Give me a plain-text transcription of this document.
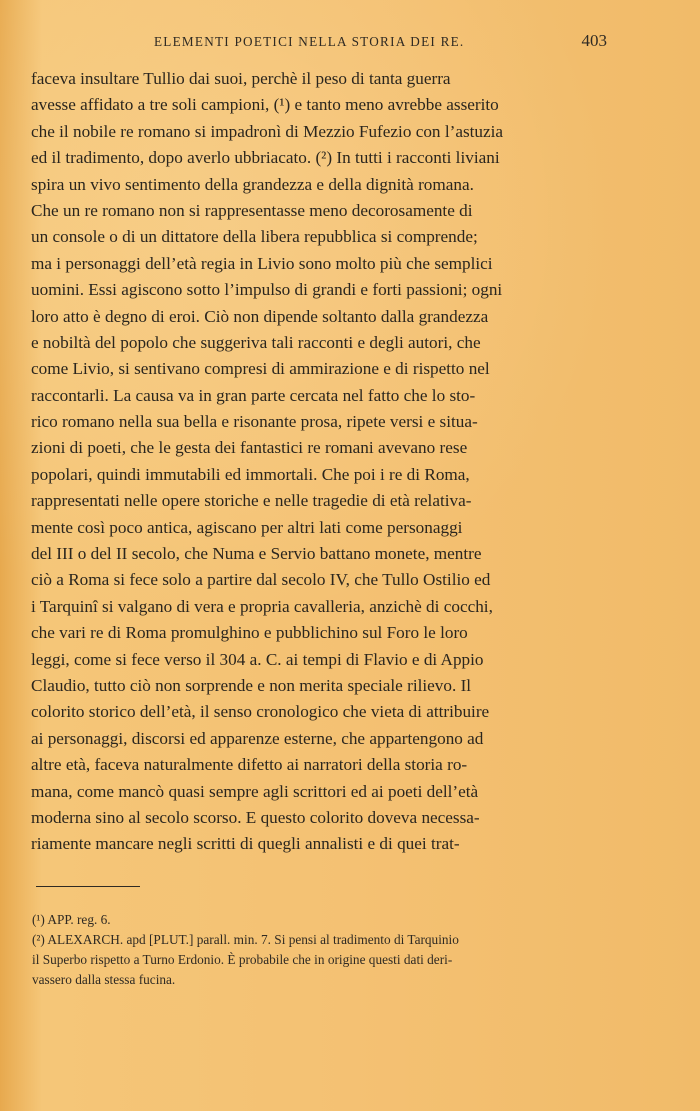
ELEMENTI POETICI NELLA STORIA DEI RE.	403
faceva insultare Tullio dai suoi, perchè il peso di tanta guerra
avesse affidato a tre soli campioni, (¹) e tanto meno avrebbe asserito
che il nobile re romano si impadronì di Mezzio Fufezio con l’astuzia
ed il tradimento, dopo averlo ubbriacato. (²) In tutti i racconti liviani
spira un vivo sentimento della grandezza e della dignità romana.
Che un re romano non si rappresentasse meno decorosamente di
un console o di un dittatore della libera repubblica si comprende;
ma i personaggi dell’età regia in Livio sono molto più che semplici
uomini. Essi agiscono sotto l’impulso di grandi e forti passioni; ogni
loro atto è degno di eroi. Ciò non dipende soltanto dalla grandezza
e nobiltà del popolo che suggeriva tali racconti e degli autori, che
come Livio, si sentivano compresi di ammirazione e di rispetto nel
raccontarli. La causa va in gran parte cercata nel fatto che lo sto-
rico romano nella sua bella e risonante prosa, ripete versi e situa-
zioni di poeti, che le gesta dei fantastici re romani avevano rese
popolari, quindi immutabili ed immortali. Che poi i re di Roma,
rappresentati nelle opere storiche e nelle tragedie di età relativa-
mente così poco antica, agiscano per altri lati come personaggi
del III o del II secolo, che Numa e Servio battano monete, mentre
ciò a Roma si fece solo a partire dal secolo IV, che Tullo Ostilio ed
i Tarquinî si valgano di vera e propria cavalleria, anzichè di cocchi,
che vari re di Roma promulghino e pubblichino sul Foro le loro
leggi, come si fece verso il 304 a. C. ai tempi di Flavio e di Appio
Claudio, tutto ciò non sorprende e non merita speciale rilievo. Il
colorito storico dell’età, il senso cronologico che vieta di attribuire
ai personaggi, discorsi ed apparenze esterne, che appartengono ad
altre età, faceva naturalmente difetto ai narratori della storia ro-
mana, come mancò quasi sempre agli scrittori ed ai poeti dell’età
moderna sino al secolo scorso. E questo colorito doveva necessa-
riamente mancare negli scritti di quegli annalisti e di quei trat-
(¹) APP. reg. 6.
(²) ALEXARCH. apd [PLUT.] parall. min. 7. Si pensi al tradimento di Tarquinio
il Superbo rispetto a Turno Erdonio. È probabile che in origine questi dati deri-
vassero dalla stessa fucina.
